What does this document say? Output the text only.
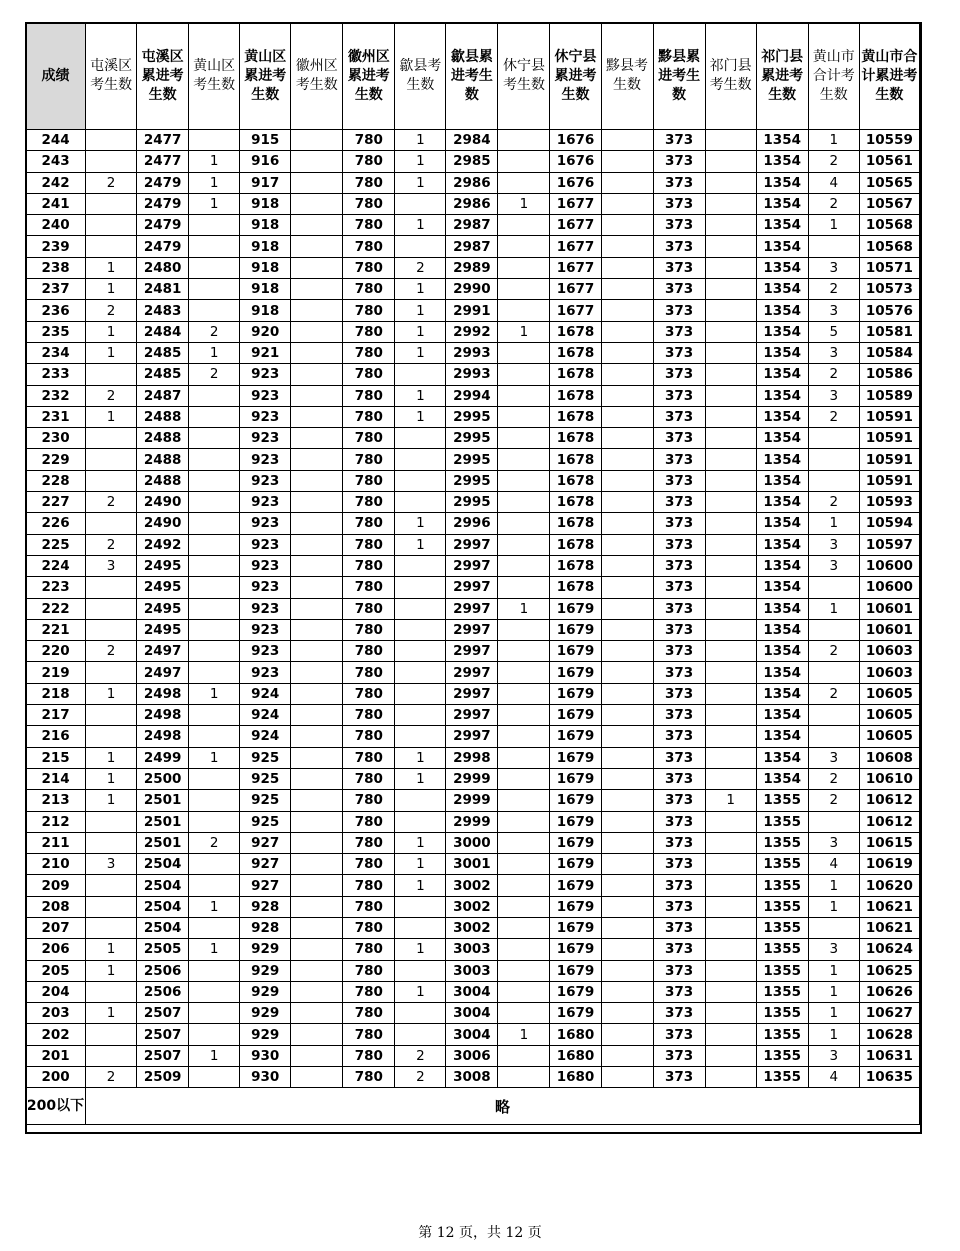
成绩	屯溪区考生数	屯溪区累进考生数	黄山区考生数	黄山区累进考生数	徽州区考生数	徽州区累进考生数	歙县考生数	歙县累进考生数	休宁县考生数	休宁县累进考生数	黟县考生数	黟县累进考生数	祁门县考生数	祁门县累进考生数	黄山市合计考生数	黄山市合计累进考生数
244		2477		915		780	1	2984		1676		373		1354	1	10559
243		2477	1	916		780	1	2985		1676		373		1354	2	10561
242	2	2479	1	917		780	1	2986		1676		373		1354	4	10565
241		2479	1	918		780		2986	1	1677		373		1354	2	10567
240		2479		918		780	1	2987		1677		373		1354	1	10568
239		2479		918		780		2987		1677		373		1354		10568
238	1	2480		918		780	2	2989		1677		373		1354	3	10571
237	1	2481		918		780	1	2990		1677		373		1354	2	10573
236	2	2483		918		780	1	2991		1677		373		1354	3	10576
235	1	2484	2	920		780	1	2992	1	1678		373		1354	5	10581
234	1	2485	1	921		780	1	2993		1678		373		1354	3	10584
233		2485	2	923		780		2993		1678		373		1354	2	10586
232	2	2487		923		780	1	2994		1678		373		1354	3	10589
231	1	2488		923		780	1	2995		1678		373		1354	2	10591
230		2488		923		780		2995		1678		373		1354		10591
229		2488		923		780		2995		1678		373		1354		10591
228		2488		923		780		2995		1678		373		1354		10591
227	2	2490		923		780		2995		1678		373		1354	2	10593
226		2490		923		780	1	2996		1678		373		1354	1	10594
225	2	2492		923		780	1	2997		1678		373		1354	3	10597
224	3	2495		923		780		2997		1678		373		1354	3	10600
223		2495		923		780		2997		1678		373		1354		10600
222		2495		923		780		2997	1	1679		373		1354	1	10601
221		2495		923		780		2997		1679		373		1354		10601
220	2	2497		923		780		2997		1679		373		1354	2	10603
219		2497		923		780		2997		1679		373		1354		10603
218	1	2498	1	924		780		2997		1679		373		1354	2	10605
217		2498		924		780		2997		1679		373		1354		10605
216		2498		924		780		2997		1679		373		1354		10605
215	1	2499	1	925		780	1	2998		1679		373		1354	3	10608
214	1	2500		925		780	1	2999		1679		373		1354	2	10610
213	1	2501		925		780		2999		1679		373	1	1355	2	10612
212		2501		925		780		2999		1679		373		1355		10612
211		2501	2	927		780	1	3000		1679		373		1355	3	10615
210	3	2504		927		780	1	3001		1679		373		1355	4	10619
209		2504		927		780	1	3002		1679		373		1355	1	10620
208		2504	1	928		780		3002		1679		373		1355	1	10621
207		2504		928		780		3002		1679		373		1355		10621
206	1	2505	1	929		780	1	3003		1679		373		1355	3	10624
205	1	2506		929		780		3003		1679		373		1355	1	10625
204		2506		929		780	1	3004		1679		373		1355	1	10626
203	1	2507		929		780		3004		1679		373		1355	1	10627
202		2507		929		780		3004	1	1680		373		1355	1	10628
201		2507	1	930		780	2	3006		1680		373		1355	3	10631
200	2	2509		930		780	2	3008		1680		373		1355	4	10635
200以下	略															
第 12 页，共 12 页
